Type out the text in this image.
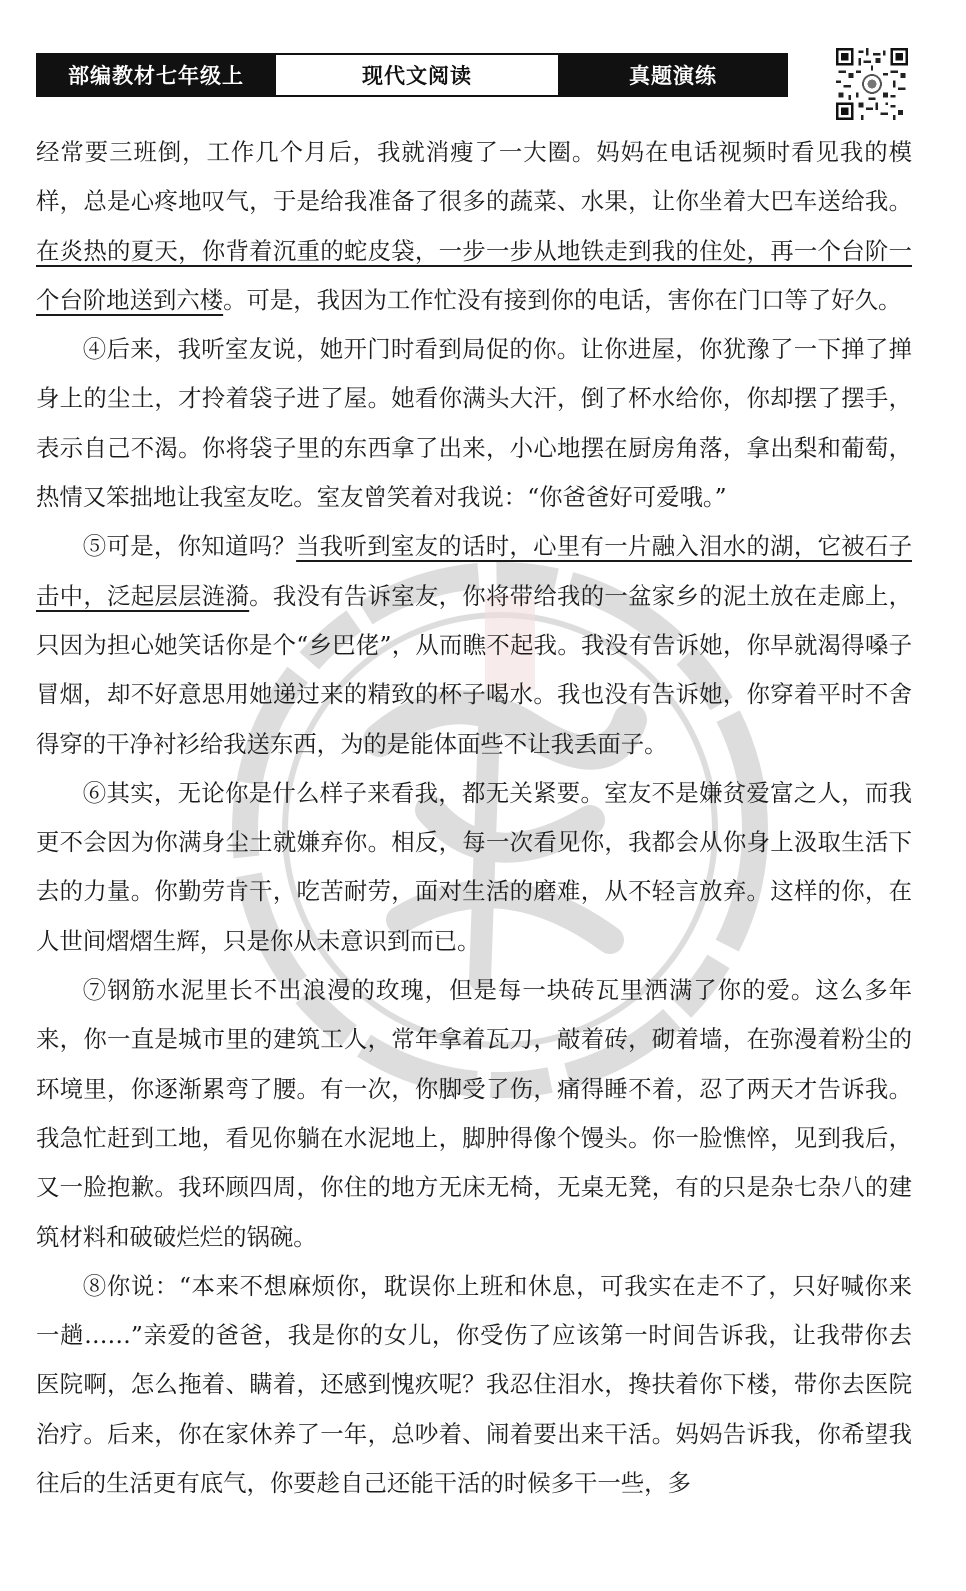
部编教材七年级上	现代文阅读	真题演练

经常要三班倒，工作几个月后，我就消瘦了一大圈。妈妈在电话视频时看见我的模样，总是心疼地叹气，于是给我准备了很多的蔬菜、水果，让你坐着大巴车送给我。在炎热的夏天，你背着沉重的蛇皮袋，一步一步从地铁走到我的住处，再一个台阶一个台阶地送到六楼。可是，我因为工作忙没有接到你的电话，害你在门口等了好久。

④后来，我听室友说，她开门时看到局促的你。让你进屋，你犹豫了一下掸了掸身上的尘土，才拎着袋子进了屋。她看你满头大汗，倒了杯水给你，你却摆了摆手，表示自己不渴。你将袋子里的东西拿了出来，小心地摆在厨房角落，拿出梨和葡萄，热情又笨拙地让我室友吃。室友曾笑着对我说：“你爸爸好可爱哦。”

⑤可是，你知道吗？当我听到室友的话时，心里有一片融入泪水的湖，它被石子击中，泛起层层涟漪。我没有告诉室友，你将带给我的一盆家乡的泥土放在走廊上，只因为担心她笑话你是个“乡巴佬”，从而瞧不起我。我没有告诉她，你早就渴得嗓子冒烟，却不好意思用她递过来的精致的杯子喝水。我也没有告诉她，你穿着平时不舍得穿的干净衬衫给我送东西，为的是能体面些不让我丢面子。

⑥其实，无论你是什么样子来看我，都无关紧要。室友不是嫌贫爱富之人，而我更不会因为你满身尘土就嫌弃你。相反，每一次看见你，我都会从你身上汲取生活下去的力量。你勤劳肯干，吃苦耐劳，面对生活的磨难，从不轻言放弃。这样的你，在人世间熠熠生辉，只是你从未意识到而已。

⑦钢筋水泥里长不出浪漫的玫瑰，但是每一块砖瓦里洒满了你的爱。这么多年来，你一直是城市里的建筑工人，常年拿着瓦刀，敲着砖，砌着墙，在弥漫着粉尘的环境里，你逐渐累弯了腰。有一次，你脚受了伤，痛得睡不着，忍了两天才告诉我。我急忙赶到工地，看见你躺在水泥地上，脚肿得像个馒头。你一脸憔悴，见到我后，又一脸抱歉。我环顾四周，你住的地方无床无椅，无桌无凳，有的只是杂七杂八的建筑材料和破破烂烂的锅碗。

⑧你说：“本来不想麻烦你，耽误你上班和休息，可我实在走不了，只好喊你来一趟……”亲爱的爸爸，我是你的女儿，你受伤了应该第一时间告诉我，让我带你去医院啊，怎么拖着、瞒着，还感到愧疚呢？我忍住泪水，搀扶着你下楼，带你去医院治疗。后来，你在家休养了一年，总吵着、闹着要出来干活。妈妈告诉我，你希望我往后的生活更有底气，你要趁自己还能干活的时候多干一些，多
